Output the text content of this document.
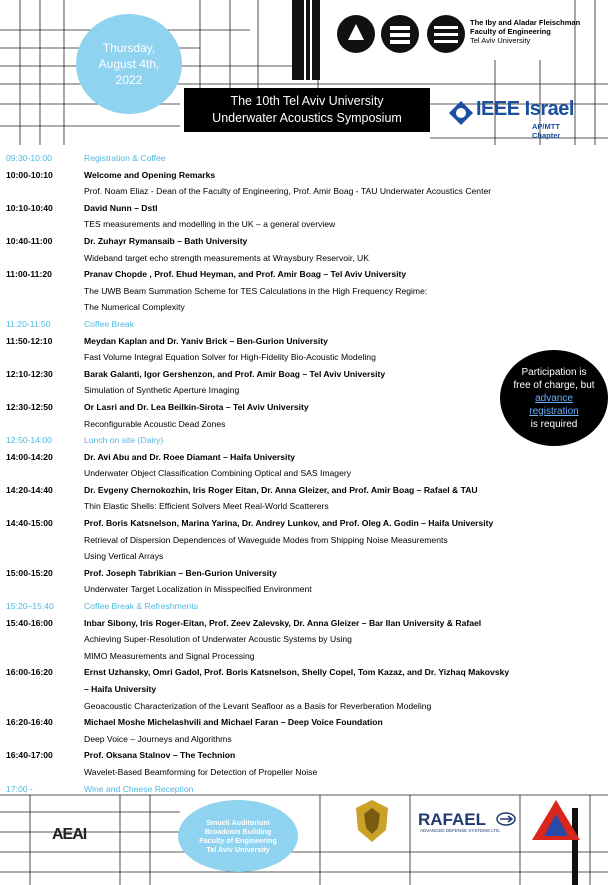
Thursday,
August 4th,
2022
The Iby and Aladar Fleischman
Faculty of Engineering
Tel Aviv University
The 10th Tel Aviv University
Underwater Acoustics Symposium	IEEE Israel
AP/MTT Chapter
09:30-10:00	Registration & Coffee
10:00-10:10	Welcome and Opening Remarks
Prof. Noam Eliaz - Dean of the Faculty of Engineering, Prof. Amir Boag - TAU Underwater Acoustics Center
10:10-10:40	David Nunn – Dstl
TES measurements and modelling in the UK – a general overview
10:40-11:00	Dr. Zuhayr Rymansaib – Bath University
Wideband target echo strength measurements at Wraysbury Reservoir, UK
11:00-11:20	Pranav Chopde , Prof. Ehud Heyman, and Prof. Amir Boag – Tel Aviv University
The UWB Beam Summation Scheme for TES Calculations in the High Frequency Regime:
The Numerical Complexity
11:20-11:50	Coffee Break
11:50-12:10	Meydan Kaplan and Dr. Yaniv Brick – Ben-Gurion University
Fast Volume Integral Equation Solver for High-Fidelity Bio-Acoustic Modeling
12:10-12:30	Barak Galanti, Igor Gershenzon, and Prof. Amir Boag – Tel Aviv University
Simulation of Synthetic Aperture Imaging
12:30-12:50	Or Lasri and Dr. Lea Beilkin-Sirota – Tel Aviv University
Reconfigurable Acoustic Dead Zones
12:50-14:00	Lunch on site (Dairy)
14:00-14:20	Dr. Avi Abu and Dr. Roee Diamant – Haifa University
Underwater Object Classification Combining Optical and SAS Imagery
14:20-14:40	Dr. Evgeny Chernokozhin, Iris Roger Eitan, Dr. Anna Gleizer, and Prof. Amir Boag – Rafael & TAU
Thin Elastic Shells: Efficient Solvers Meet Real-World Scatterers
14:40-15:00	Prof. Boris Katsnelson, Marina Yarina, Dr. Andrey Lunkov, and Prof. Oleg A. Godin – Haifa University
Retrieval of Dispersion Dependences of Waveguide Modes from Shipping Noise Measurements
Using Vertical Arrays
15:00-15:20	Prof. Joseph Tabrikian – Ben-Gurion University
Underwater Target Localization in Misspecified Environment
15:20–15:40	Coffee Break & Refreshments
15:40-16:00	Inbar Sibony, Iris Roger-Eitan, Prof. Zeev Zalevsky, Dr. Anna Gleizer – Bar Ilan University & Rafael
Achieving Super-Resolution of Underwater Acoustic Systems by Using
MIMO Measurements and Signal Processing
16:00-16:20	Ernst Uzhansky, Omri Gadol, Prof. Boris Katsnelson, Shelly Copel, Tom Kazaz, and Dr. Yizhaq Makovsky
– Haifa University
Geoacoustic Characterization of the Levant Seafloor as a Basis for Reverberation Modeling
16:20-16:40	Michael Moshe Michelashvili and Michael Faran – Deep Voice Foundation
Deep Voice – Journeys and Algorithms
16:40-17:00	Prof. Oksana Stalnov – The Technion
Wavelet-Based Beamforming for Detection of Propeller Noise
17:00 -	Wine and Cheese Reception
Participation is
free of charge, but
advance
registration
is required
Smueli Auditorium
Broadcom Building
Faculty of Engineering
Tel Aviv University
AEAI
RAFAEL
ADVANCED DEFENSE SYSTEMS LTD.
